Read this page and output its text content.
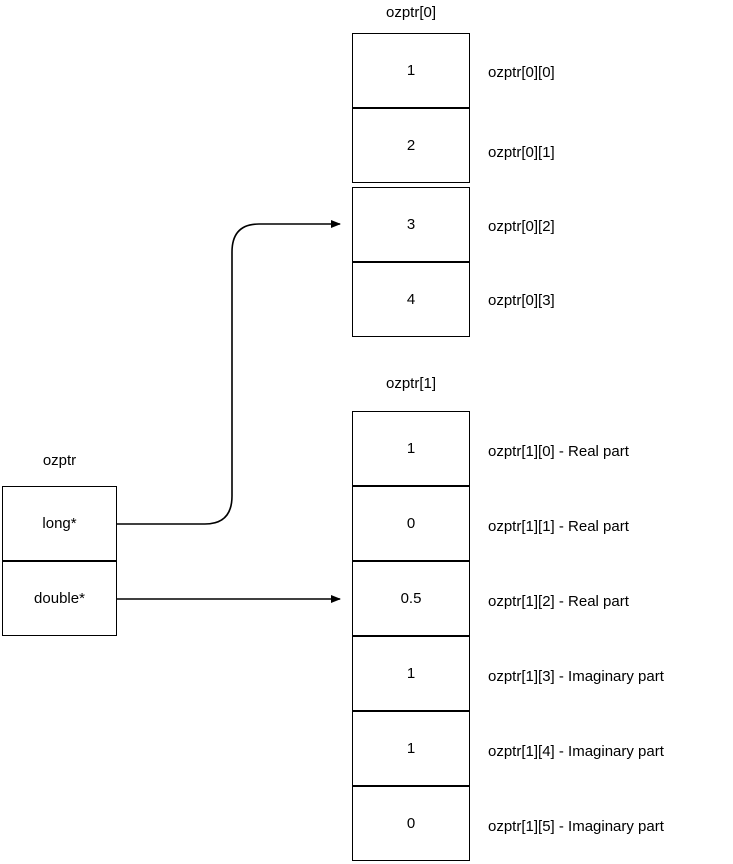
ozptr
long*
double*
ozptr[0]
1
2
3
4
ozptr[0][0]
ozptr[0][1]
ozptr[0][2]
ozptr[0][3]
ozptr[1]
1
0
0.5
1
1
0
ozptr[1][0] - Real part
ozptr[1][1] - Real part
ozptr[1][2] - Real part
ozptr[1][3] - Imaginary part
ozptr[1][4] - Imaginary part
ozptr[1][5] - Imaginary part
